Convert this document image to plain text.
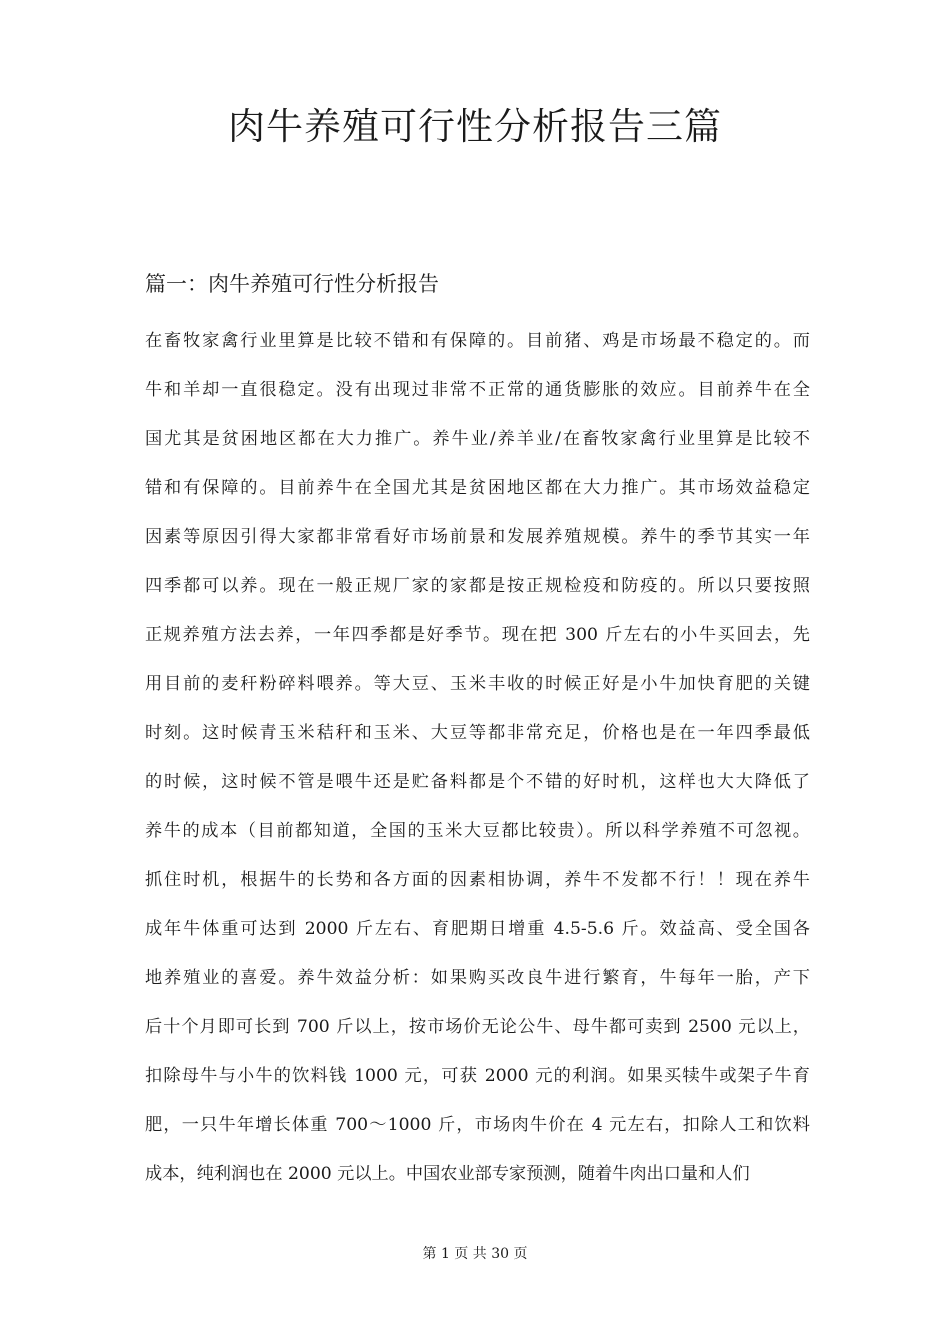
肉牛养殖可行性分析报告三篇
篇一：肉牛养殖可行性分析报告
在畜牧家禽行业里算是比较不错和有保障的。目前猪、鸡是市场最不稳定的。而
牛和羊却一直很稳定。没有出现过非常不正常的通货膨胀的效应。目前养牛在全
国尤其是贫困地区都在大力推广。养牛业/养羊业/在畜牧家禽行业里算是比较不
错和有保障的。目前养牛在全国尤其是贫困地区都在大力推广。其市场效益稳定
因素等原因引得大家都非常看好市场前景和发展养殖规模。养牛的季节其实一年
四季都可以养。现在一般正规厂家的家都是按正规检疫和防疫的。所以只要按照
正规养殖方法去养，一年四季都是好季节。现在把 300 斤左右的小牛买回去，先
用目前的麦秆粉碎料喂养。等大豆、玉米丰收的时候正好是小牛加快育肥的关键
时刻。这时候青玉米秸秆和玉米、大豆等都非常充足，价格也是在一年四季最低
的时候，这时候不管是喂牛还是贮备料都是个不错的好时机，这样也大大降低了
养牛的成本（目前都知道，全国的玉米大豆都比较贵）。所以科学养殖不可忽视。
抓住时机，根据牛的长势和各方面的因素相协调，养牛不发都不行！！现在养牛
成年牛体重可达到 2000 斤左右、育肥期日增重 4.5-5.6 斤。效益高、受全国各
地养殖业的喜爱。养牛效益分析：如果购买改良牛进行繁育，牛每年一胎，产下
后十个月即可长到 700 斤以上，按市场价无论公牛、母牛都可卖到 2500 元以上，
扣除母牛与小牛的饮料钱 1000 元，可获 2000 元的利润。如果买犊牛或架子牛育
肥，一只牛年增长体重 700～1000 斤，市场肉牛价在 4 元左右，扣除人工和饮料
成本，纯利润也在 2000 元以上。中国农业部专家预测，随着牛肉出口量和人们
第 1 页 共 30 页
